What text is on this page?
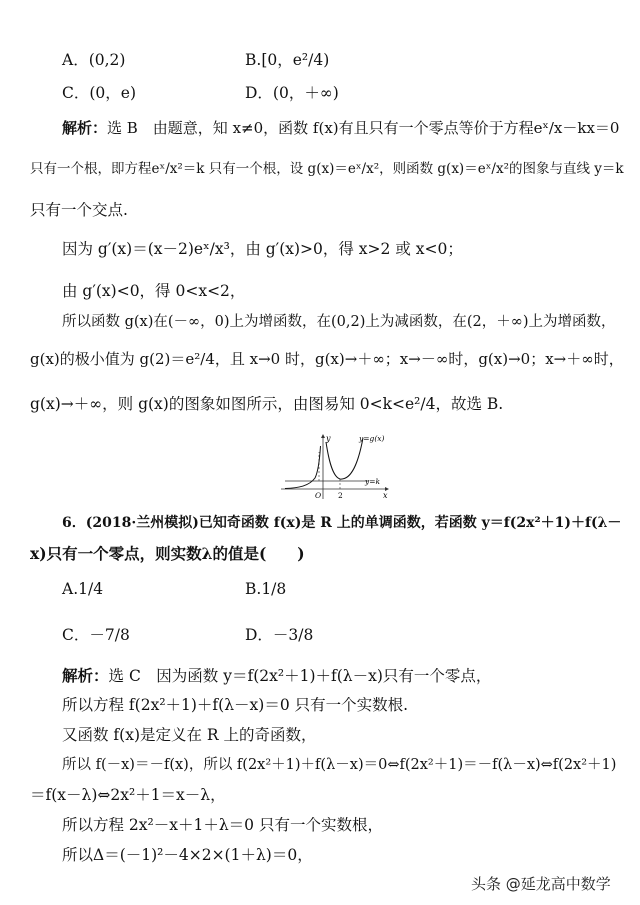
A．(0,2)	B.[0，e²/4)
C．(0，e)	D．(0，＋∞)
解析：选 B　由题意，知 x≠0，函数 f(x)有且只有一个零点等价于方程eˣ/x－kx＝0
只有一个根，即方程eˣ/x²＝k 只有一个根，设 g(x)＝eˣ/x²，则函数 g(x)＝eˣ/x²的图象与直线 y＝k
只有一个交点.
因为 g′(x)＝(x－2)eˣ/x³，由 g′(x)>0，得 x>2 或 x<0；
由 g′(x)<0，得 0<x<2，
所以函数 g(x)在(－∞，0)上为增函数，在(0,2)上为减函数，在(2，＋∞)上为增函数，
g(x)的极小值为 g(2)＝e²/4，且 x→0 时，g(x)→＋∞；x→－∞时，g(x)→0；x→＋∞时，
g(x)→＋∞，则 g(x)的图象如图所示，由图易知 0<k<e²/4，故选 B.
y
x
O 2
y=g(x)
y=k
6．(2018·兰州模拟)已知奇函数 f(x)是 R 上的单调函数，若函数 y＝f(2x²＋1)＋f(λ－
x)只有一个零点，则实数λ的值是(　　)
A.1/4	B.1/8
C．－7/8	D．－3/8
解析：选 C　因为函数 y＝f(2x²＋1)＋f(λ－x)只有一个零点，
所以方程 f(2x²＋1)＋f(λ－x)＝0 只有一个实数根.
又函数 f(x)是定义在 R 上的奇函数，
所以 f(－x)＝－f(x)，所以 f(2x²＋1)＋f(λ－x)＝0⇔f(2x²＋1)＝－f(λ－x)⇔f(2x²＋1)
＝f(x－λ)⇔2x²＋1＝x－λ，
所以方程 2x²－x＋1＋λ＝0 只有一个实数根，
所以Δ＝(－1)²－4×2×(1＋λ)＝0，
头条 @延龙高中数学
